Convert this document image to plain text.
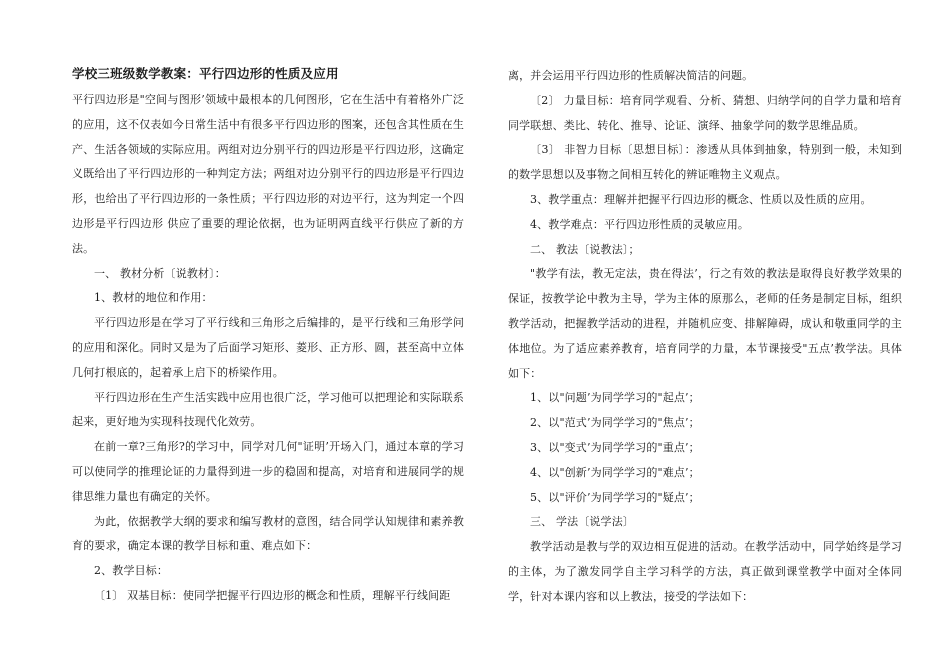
学校三班级数学教案：平行四边形的性质及应用

平行四边形是"空间与图形’领域中最根本的几何图形，它在生活中有着格外广泛的应用，这不仅表如今日常生活中有很多平行四边形的图案，还包含其性质在生产、生活各领域的实际应用。两组对边分别平行的四边形是平行四边形，这确定义既给出了平行四边形的一种判定方法；两组对边分别平行的四边形是平行四边形，也给出了平行四边形的一条性质；平行四边形的对边平行，这为判定一个四边形是平行四边形 供应了重要的理论依据，也为证明两直线平行供应了新的方法。

一、 教材分析〔说教材〕：

1、教材的地位和作用：

平行四边形是在学习了平行线和三角形之后编排的，是平行线和三角形学问的应用和深化。同时又是为了后面学习矩形、菱形、正方形、圆，甚至高中立体几何打根底的，起着承上启下的桥梁作用。

平行四边形在生产生活实践中应用也很广泛，学习他可以把理论和实际联系起来，更好地为实现科技现代化效劳。

在前一章?三角形?的学习中，同学对几何"证明’开场入门，通过本章的学习可以使同学的推理论证的力量得到进一步的稳固和提高，对培育和进展同学的规律思维力量也有确定的关怀。

为此，依据教学大纲的要求和编写教材的意图，结合同学认知规律和素养教育的要求，确定本课的教学目标和重、难点如下：

2、教学目标：

〔1〕 双基目标：使同学把握平行四边形的概念和性质，理解平行线间距

离，并会运用平行四边形的性质解决简洁的问题。

〔2〕 力量目标：培育同学观看、分析、猜想、归纳学问的自学力量和培育同学联想、类比、转化、推导、论证、演绎、抽象学问的数学思维品质。

〔3〕 非智力目标〔思想目标〕：渗透从具体到抽象，特别到一般，未知到的数学思想以及事物之间相互转化的辨证唯物主义观点。

3、教学重点：理解并把握平行四边形的概念、性质以及性质的应用。

4、教学难点：平行四边形性质的灵敏应用。

二、 教法〔说教法〕；

"教学有法，教无定法，贵在得法’，行之有效的教法是取得良好教学效果的保证，按教学论中教为主导，学为主体的原那么，老师的任务是制定目标，组织教学活动，把握教学活动的进程，并随机应变、排解障碍，成认和敬重同学的主体地位。为了适应素养教育，培育同学的力量，本节课接受"五点’教学法。具体如下：

1、以"问题’为同学学习的"起点’；

2、以"范式’为同学学习的"焦点’；

3、以"变式’为同学学习的"重点’；

4、以"创新’为同学学习的"难点’；

5、以"评价’为同学学习的"疑点’；

三、 学法〔说学法〕

教学活动是教与学的双边相互促进的活动。在教学活动中，同学始终是学习的主体，为了激发同学自主学习科学的方法，真正做到课堂教学中面对全体同学，针对本课内容和以上教法，接受的学法如下：
